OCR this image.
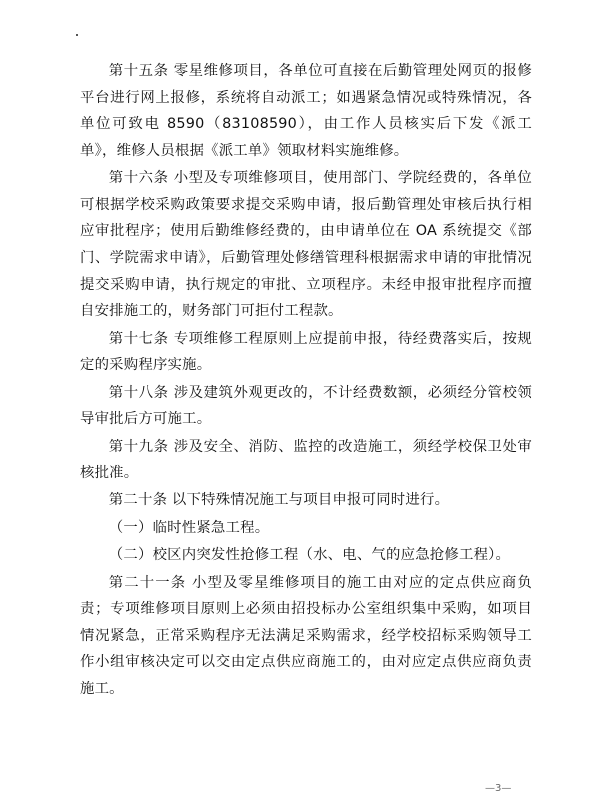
第十五条 零星维修项目，各单位可直接在后勤管理处网页的报修平台进行网上报修，系统将自动派工；如遇紧急情况或特殊情况，各单位可致电 8590（83108590），由工作人员核实后下发《派工单》，维修人员根据《派工单》领取材料实施维修。

第十六条 小型及专项维修项目，使用部门、学院经费的，各单位可根据学校采购政策要求提交采购申请，报后勤管理处审核后执行相应审批程序；使用后勤维修经费的，由申请单位在 OA 系统提交《部门、学院需求申请》，后勤管理处修缮管理科根据需求申请的审批情况提交采购申请，执行规定的审批、立项程序。未经申报审批程序而擅自安排施工的，财务部门可拒付工程款。

第十七条 专项维修工程原则上应提前申报，待经费落实后，按规定的采购程序实施。

第十八条 涉及建筑外观更改的，不计经费数额，必须经分管校领导审批后方可施工。

第十九条 涉及安全、消防、监控的改造施工，须经学校保卫处审核批准。

第二十条 以下特殊情况施工与项目申报可同时进行。

（一）临时性紧急工程。

（二）校区内突发性抢修工程（水、电、气的应急抢修工程）。

第二十一条 小型及零星维修项目的施工由对应的定点供应商负责；专项维修项目原则上必须由招投标办公室组织集中采购，如项目情况紧急，正常采购程序无法满足采购需求，经学校招标采购领导工作小组审核决定可以交由定点供应商施工的，由对应定点供应商负责施工。

—3—
